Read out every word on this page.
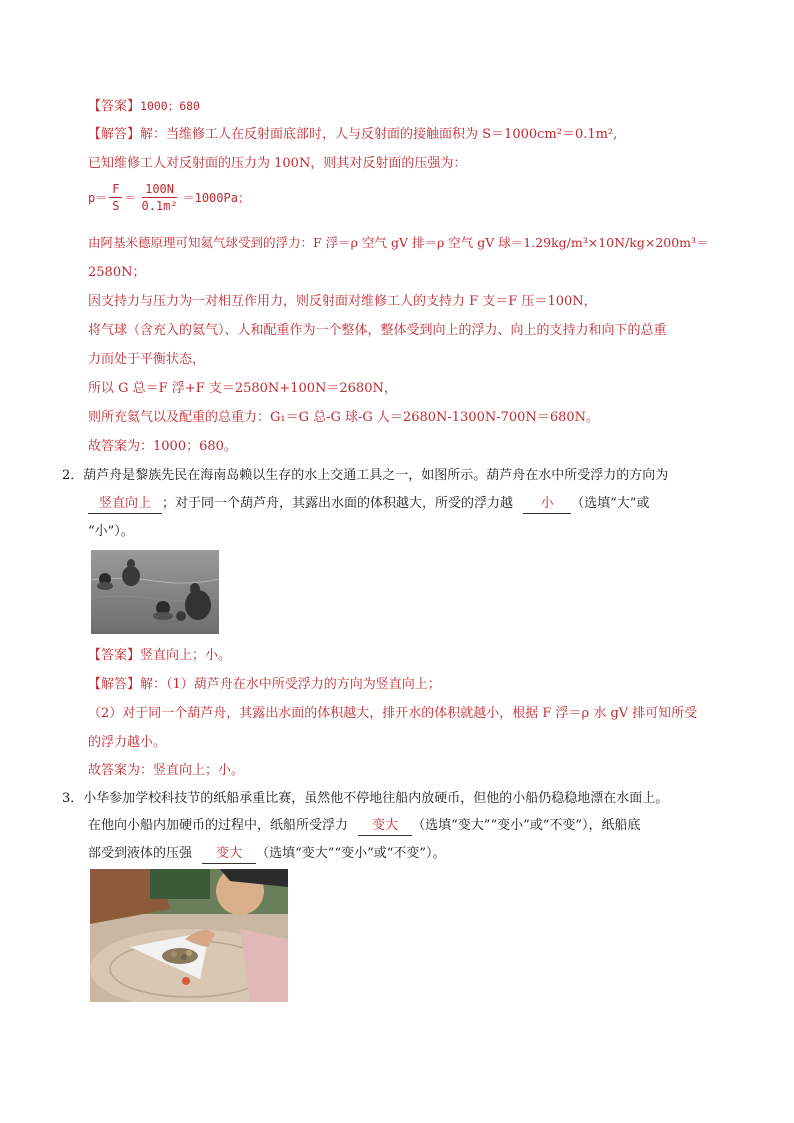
【答案】1000；680
【解答】解：当维修工人在反射面底部时，人与反射面的接触面积为 S＝1000cm²＝0.1m²,
已知维修工人对反射面的压力为 100N，则其对反射面的压强为：
$p= \frac{F}{S} = \frac{100N}{\text{0.1m²}} =1000Pa$；
由阿基米德原理可知氦气球受到的浮力：F 浮＝ρ 空气 gV 排＝ρ 空气 gV 球＝1.29kg/m³×10N/kg×200m³＝
2580N；
因支持力与压力为一对相互作用力，则反射面对维修工人的支持力 F 支＝F 压＝100N，
将气球（含充入的氦气）、人和配重作为一个整体，整体受到向上的浮力、向上的支持力和向下的总重
力而处于平衡状态，
所以 G 总＝F 浮+F 支＝2580N+100N＝2680N，
则所充氦气以及配重的总重力：G₁＝G 总-G 球-G 人＝2680N-1300N-700N＝680N。
故答案为：1000；680。
2．葫芦舟是黎族先民在海南岛赖以生存的水上交通工具之一，如图所示。葫芦舟在水中所受浮力的方向为
竖直向上 ；对于同一个葫芦舟，其露出水面的体积越大，所受的浮力越 小 （选填“大”或
“小”）。
【答案】竖直向上；小。
【解答】解：（1）葫芦舟在水中所受浮力的方向为竖直向上；
（2）对于同一个葫芦舟，其露出水面的体积越大，排开水的体积就越小，根据 F 浮＝ρ 水 gV 排可知所受
的浮力越小。
故答案为：竖直向上；小。
3．小华参加学校科技节的纸船承重比赛，虽然他不停地往船内放硬币，但他的小船仍稳稳地漂在水面上。
在他向小船内加硬币的过程中，纸船所受浮力 变大 （选填“变大”“变小”或“不变”），纸船底
部受到液体的压强 变大 （选填“变大”“变小”或“不变”）。
